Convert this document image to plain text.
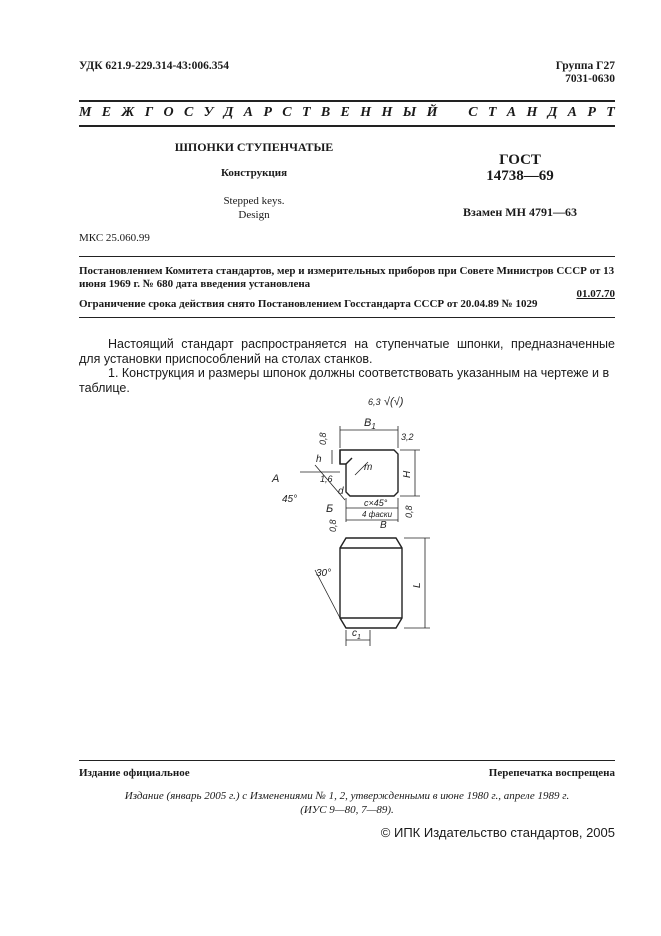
УДК 621.9-229.314-43:006.354	Группа Г27
7031-0630
М Е Ж Г О С У Д А Р С Т В Е Н Н Ы Й С Т А Н Д А Р Т
ШПОНКИ СТУПЕНЧАТЫЕ
Конструкция
Stepped keys.
Design
ГОСТ
14738—69
Взамен МН 4791—63
МКС 25.060.99
Постановлением Комитета стандартов, мер и измерительных приборов при Совете Министров СССР от 13 июня 1969 г. № 680 дата введения установлена
01.07.70
Ограничение срока действия снято Постановлением Госстандарта СССР от 20.04.89 № 1029
Настоящий стандарт распространяется на ступенчатые шпонки, предназначенные для установки приспособлений на столах станков.
1. Конструкция и размеры шпонок должны соответствовать указанным на чертеже и в таблице.
6,3 √(√)
$B_1$
3,2
0,8
h
H
1,6
m
А
45°
d
Б	c×45°
4 фаски
0,8	B
0,8
30°
L
$c_1$
Издание официальное	Перепечатка воспрещена
Издание (январь 2005 г.) с Изменениями № 1, 2, утвержденными в июне 1980 г., апреле 1989 г.
(ИУС 9—80, 7—89).
© ИПК Издательство стандартов, 2005
